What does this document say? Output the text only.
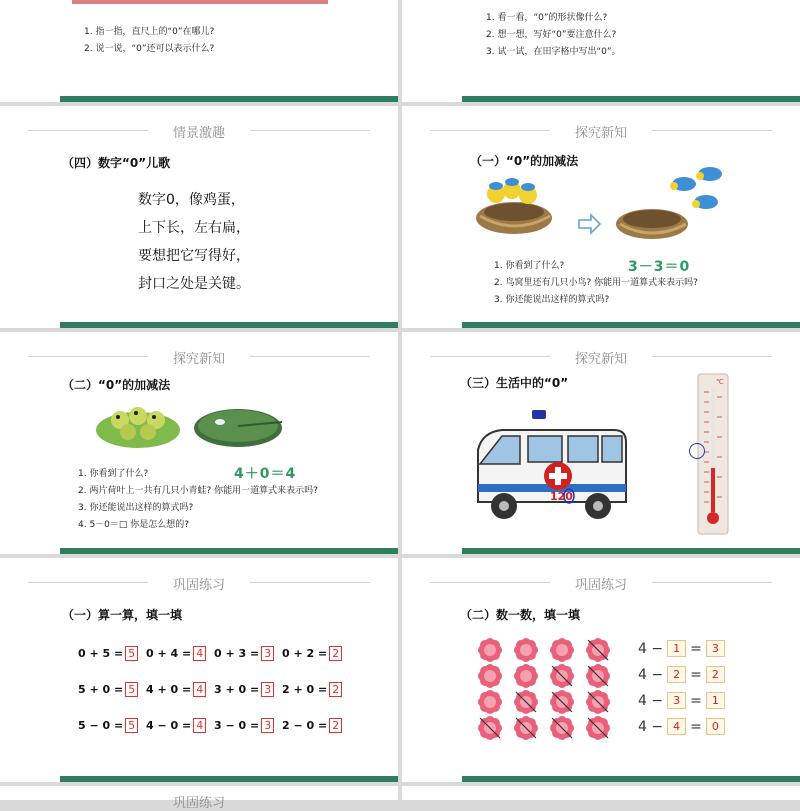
1. 指一指，直尺上的“0”在哪儿?
2. 说一说，“0”还可以表示什么?
1. 看一看，“0”的形状像什么?
2. 想一想，写好“0”要注意什么?
3. 试一试，在田字格中写出“0”。
情景激趣
（四）数字“0”儿歌
数字0，像鸡蛋，
上下长，左右扁，
要想把它写得好，
封口之处是关键。
探究新知
（一）“0”的加减法
3－3＝0
1. 你看到了什么?
2. 鸟窝里还有几只小鸟? 你能用一道算式来表示吗?
3. 你还能说出这样的算式吗?
探究新知
（二）“0”的加减法
4＋0＝4
1. 你看到了什么?
2. 两片荷叶上一共有几只小青蛙? 你能用一道算式来表示吗?
3. 你还能说出这样的算式吗?
4. 5－0＝□ 你是怎么想的?
探究新知
（三）生活中的“0”
120
℃
巩固练习
（一）算一算，填一填
0 + 5 = 5 0 + 4 = 4 0 + 3 = 3 0 + 2 = 2
5 + 0 = 5 4 + 0 = 4 3 + 0 = 3 2 + 0 = 2
5 − 0 = 5 4 − 0 = 4 3 − 0 = 3 2 − 0 = 2
巩固练习
（二）数一数，填一填
4 − 1 = 3
4 − 2 = 2
4 − 3 = 1
4 − 4 = 0
巩固练习
